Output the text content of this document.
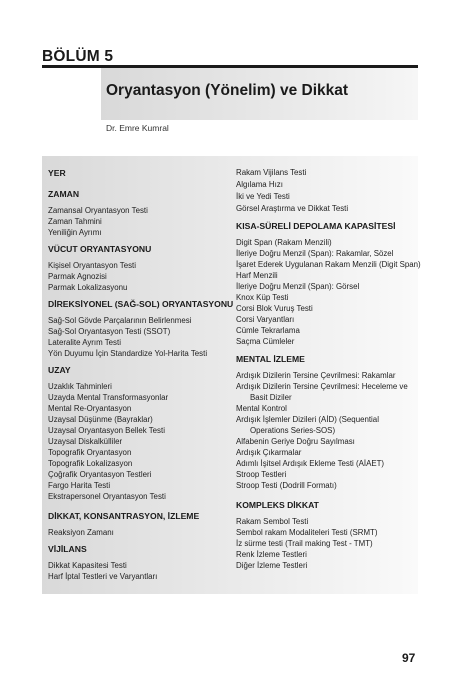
BÖLÜM 5
Oryantasyon (Yönelim) ve Dikkat
Dr. Emre Kumral
YER
ZAMAN
Zamansal Oryantasyon Testi
Zaman Tahmini
Yeniliğin Ayrımı
VÜCUT ORYANTASYONU
Kişisel Oryantasyon Testi
Parmak Agnozisi
Parmak Lokalizasyonu
DİREKSİYONEL (SAĞ-SOL) ORYANTASYONU
Sağ-Sol Gövde Parçalarının Belirlenmesi
Sağ-Sol Oryantasyon Testi (SSOT)
Lateralite Ayrım Testi
Yön Duyumu İçin Standardize Yol-Harita Testi
UZAY
Uzaklık Tahminleri
Uzayda Mental Transformasyonlar
Mental Re-Oryantasyon
Uzaysal Düşünme (Bayraklar)
Uzaysal Oryantasyon Bellek Testi
Uzaysal Diskalkülliler
Topografik Oryantasyon
Topografik Lokalizasyon
Çoğrafik Oryantasyon Testleri
Fargo Harita Testi
Ekstrapersonel Oryantasyon Testi
DİKKAT, KONSANTRASYON, İZLEME
Reaksiyon Zamanı
VİJİLANS
Dikkat Kapasitesi Testi
Harf İptal Testleri ve Varyantları
Rakam Vijilans Testi
Algılama Hızı
İki ve Yedi Testi
Görsel Araştırma ve Dikkat Testi
KISA-SÜRELİ DEPOLAMA KAPASİTESİ
Digit Span (Rakam Menzili)
İleriye Doğru Menzil (Span): Rakamlar, Sözel
İşaret Ederek Uygulanan Rakam Menzili (Digit Span)
Harf Menzili
İleriye Doğru Menzil (Span): Görsel
Knox Küp Testi
Corsi Blok Vuruş Testi
Corsi Varyantları
Cümle Tekrarlama
Saçma Cümleler
MENTAL İZLEME
Ardışık Dizilerin Tersine Çevrilmesi: Rakamlar
Ardışık Dizilerin Tersine Çevrilmesi: Heceleme ve
Basit Diziler
Mental Kontrol
Ardışık İşlemler Dizileri (AİD) (Sequential
Operations Series-SOS)
Alfabenin Geriye Doğru Sayılması
Ardışık Çıkarmalar
Adımlı İşitsel Ardışık Ekleme Testi (AİAET)
Stroop Testleri
Stroop Testi (Dodrill Formatı)
KOMPLEKS DİKKAT
Rakam Sembol Testi
Sembol rakam Modaliteleri Testi (SRMT)
İz sürme testi (Trail making Test - TMT)
Renk İzleme Testleri
Diğer İzleme Testleri
97
